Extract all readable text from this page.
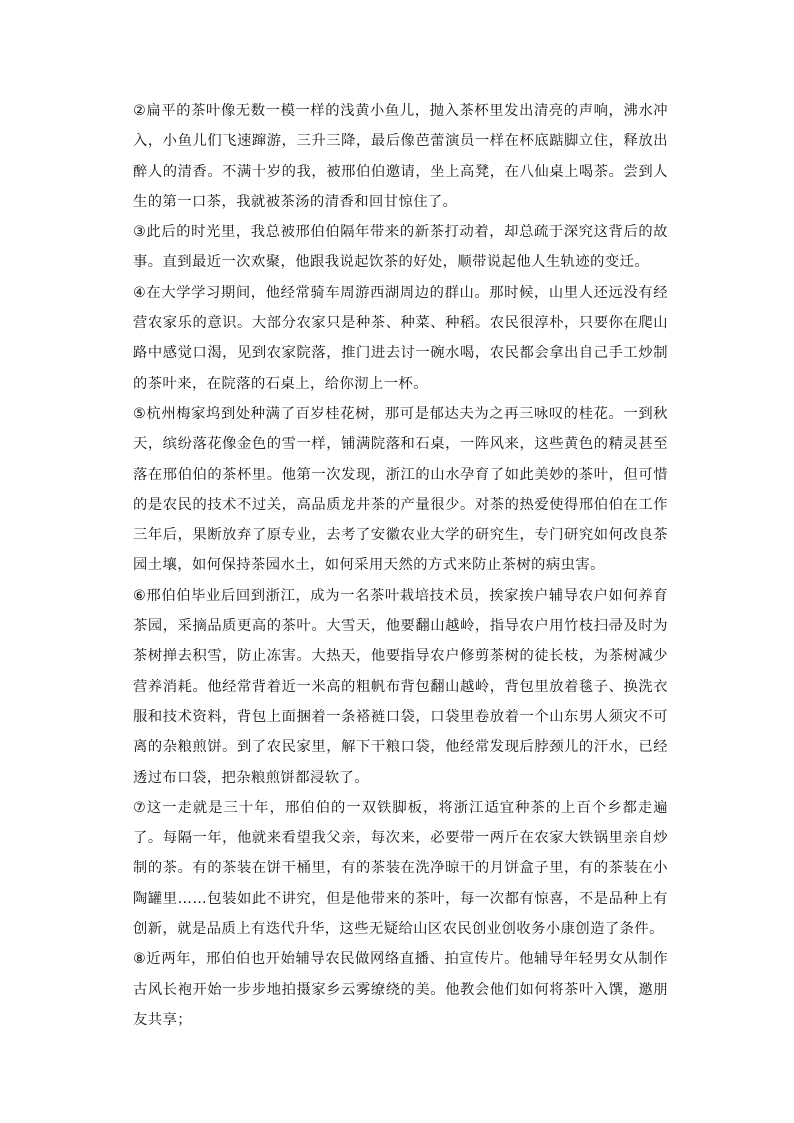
②扁平的茶叶像无数一模一样的浅黄小鱼儿，抛入茶杯里发出清亮的声响，沸水冲入，小鱼儿们飞速蹿游，三升三降，最后像芭蕾演员一样在杯底踮脚立住，释放出醉人的清香。不满十岁的我，被邢伯伯邀请，坐上高凳，在八仙桌上喝茶。尝到人生的第一口茶，我就被茶汤的清香和回甘惊住了。

③此后的时光里，我总被邢伯伯隔年带来的新茶打动着，却总疏于深究这背后的故事。直到最近一次欢聚，他跟我说起饮茶的好处，顺带说起他人生轨迹的变迁。

④在大学学习期间，他经常骑车周游西湖周边的群山。那时候，山里人还远没有经营农家乐的意识。大部分农家只是种茶、种菜、种稻。农民很淳朴，只要你在爬山路中感觉口渴，见到农家院落，推门进去讨一碗水喝，农民都会拿出自己手工炒制的茶叶来，在院落的石桌上，给你沏上一杯。

⑤杭州梅家坞到处种满了百岁桂花树，那可是郁达夫为之再三咏叹的桂花。一到秋天，缤纷落花像金色的雪一样，铺满院落和石桌，一阵风来，这些黄色的精灵甚至落在邢伯伯的茶杯里。他第一次发现，浙江的山水孕育了如此美妙的茶叶，但可惜的是农民的技术不过关，高品质龙井茶的产量很少。对茶的热爱使得邢伯伯在工作三年后，果断放弃了原专业，去考了安徽农业大学的研究生，专门研究如何改良茶园土壤，如何保持茶园水土，如何采用天然的方式来防止茶树的病虫害。

⑥邢伯伯毕业后回到浙江，成为一名茶叶栽培技术员，挨家挨户辅导农户如何养育茶园，采摘品质更高的茶叶。大雪天，他要翻山越岭，指导农户用竹枝扫帚及时为茶树掸去积雪，防止冻害。大热天，他要指导农户修剪茶树的徒长枝，为茶树减少营养消耗。他经常背着近一米高的粗帆布背包翻山越岭，背包里放着毯子、换洗衣服和技术资料，背包上面捆着一条褡裢口袋，口袋里卷放着一个山东男人须灾不可离的杂粮煎饼。到了农民家里，解下干粮口袋，他经常发现后脖颈儿的汗水，已经透过布口袋，把杂粮煎饼都浸软了。

⑦这一走就是三十年，邢伯伯的一双铁脚板，将浙江适宜种茶的上百个乡都走遍了。每隔一年，他就来看望我父亲，每次来，必要带一两斤在农家大铁锅里亲自炒制的茶。有的茶装在饼干桶里，有的茶装在洗净晾干的月饼盒子里，有的茶装在小陶罐里……包装如此不讲究，但是他带来的茶叶，每一次都有惊喜，不是品种上有创新，就是品质上有迭代升华，这些无疑给山区农民创业创收务小康创造了条件。

⑧近两年，邢伯伯也开始辅导农民做网络直播、拍宣传片。他辅导年轻男女从制作古风长袍开始一步步地拍摄家乡云雾缭绕的美。他教会他们如何将茶叶入馔，邀朋友共享；
